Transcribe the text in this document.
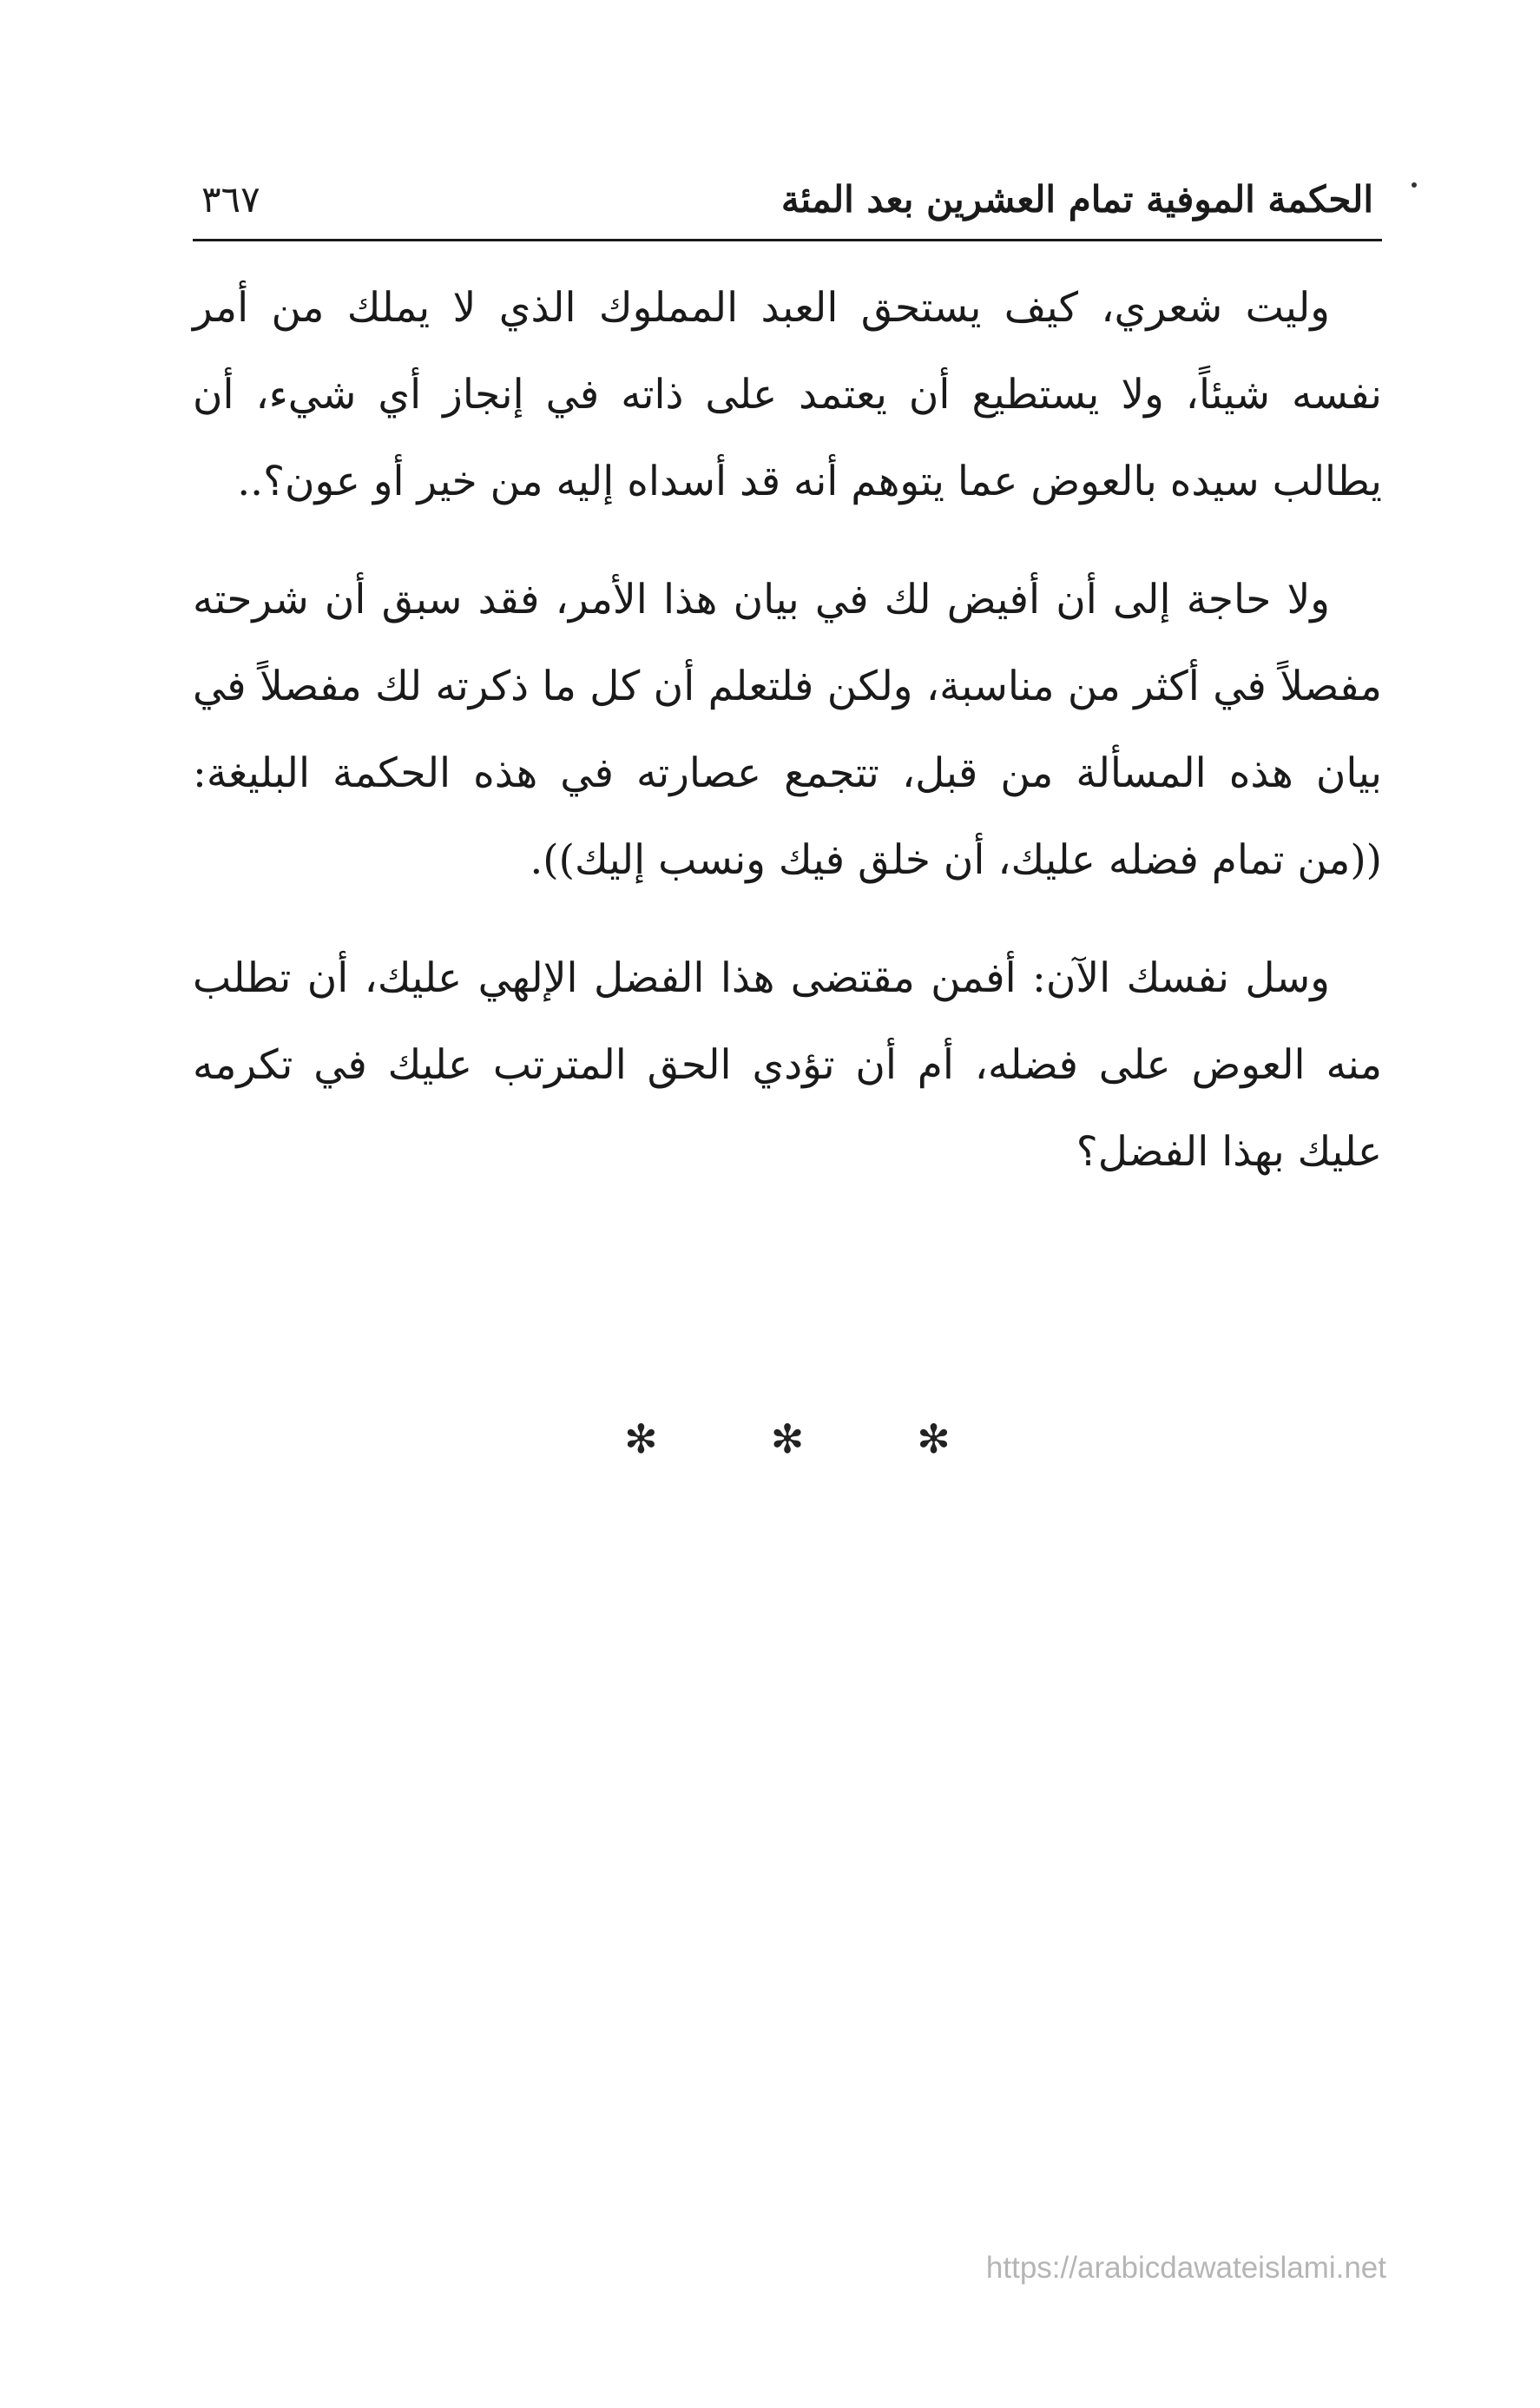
الحكمة الموفية تمام العشرين بعد المئة
٣٦٧

وليت شعري، كيف يستحق العبد المملوك الذي لا يملك من أمر نفسه شيئاً، ولا يستطيع أن يعتمد على ذاته في إنجاز أي شيء، أن يطالب سيده بالعوض عما يتوهم أنه قد أسداه إليه من خير أو عون؟..

ولا حاجة إلى أن أفيض لك في بيان هذا الأمر، فقد سبق أن شرحته مفصلاً في أكثر من مناسبة، ولكن فلتعلم أن كل ما ذكرته لك مفصلاً في بيان هذه المسألة من قبل، تتجمع عصارته في هذه الحكمة البليغة: ((من تمام فضله عليك، أن خلق فيك ونسب إليك)).

وسل نفسك الآن: أفمن مقتضى هذا الفضل الإلهي عليك، أن تطلب منه العوض على فضله، أم أن تؤدي الحق المترتب عليك في تكرمه عليك بهذا الفضل؟

✻	✻	✻
https://arabicdawateislami.net
